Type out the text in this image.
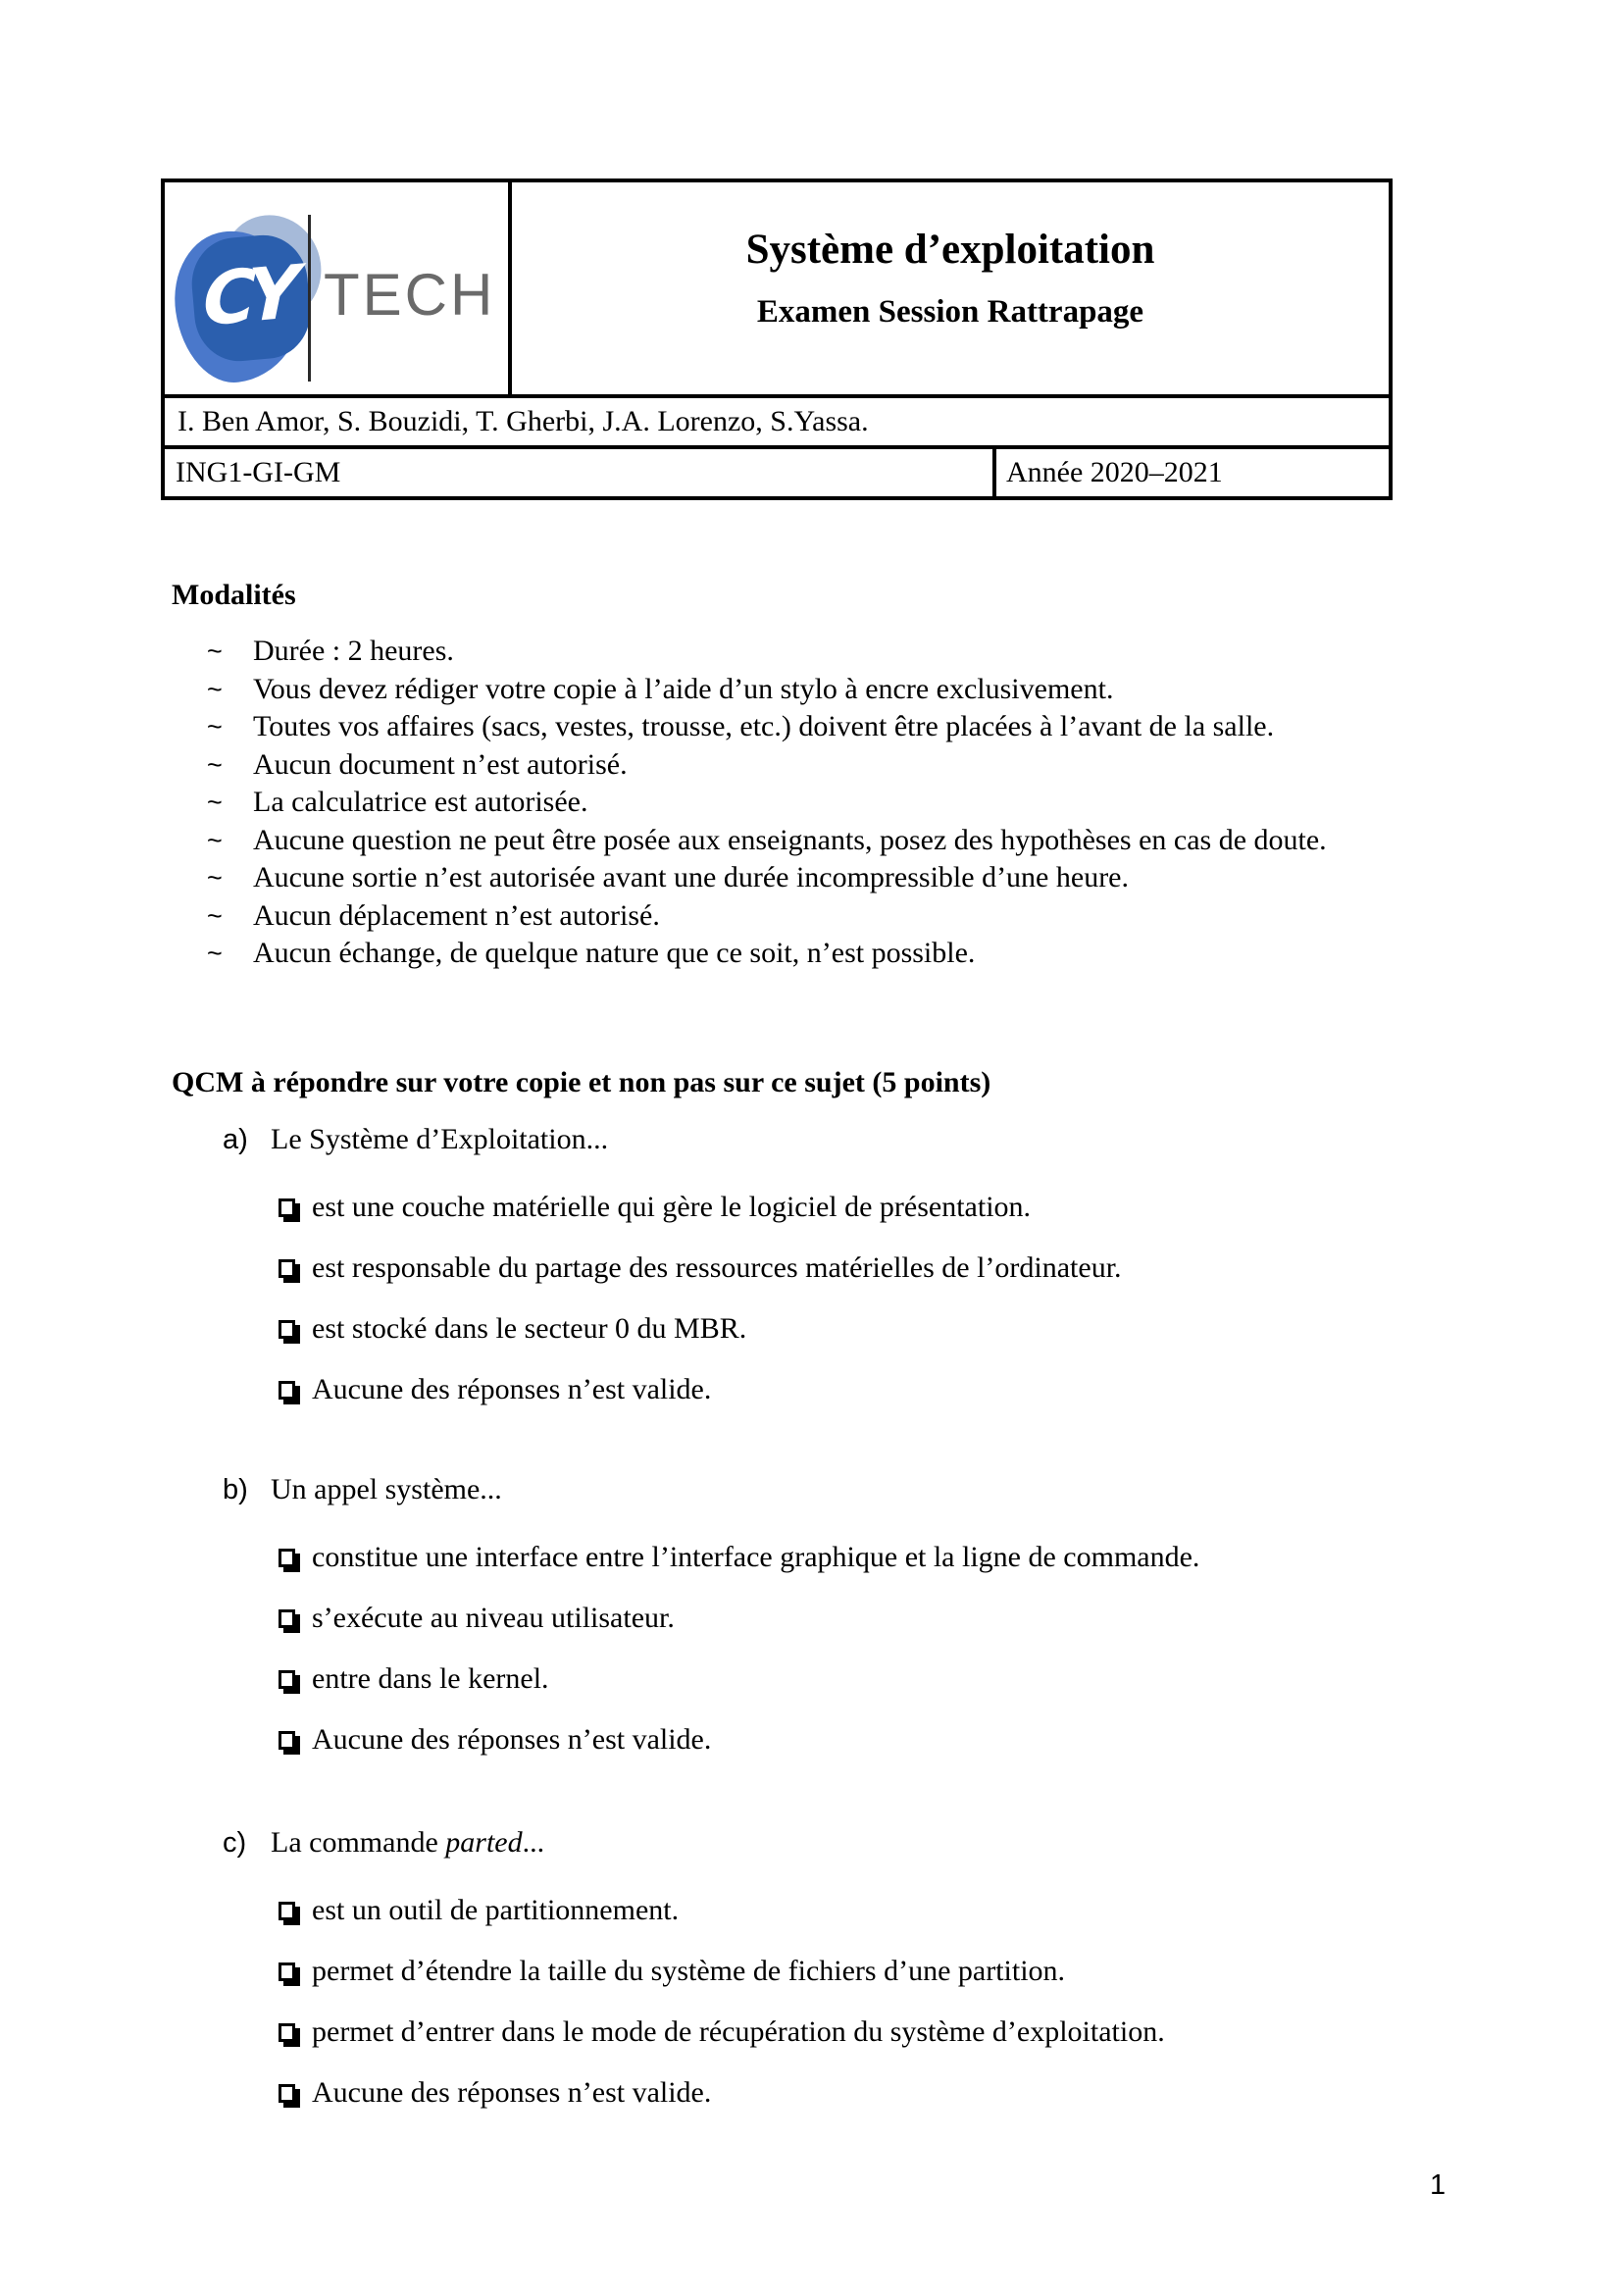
CY TECH
Système d’exploitation
Examen Session Rattrapage
I. Ben Amor, S. Bouzidi, T. Gherbi, J.A. Lorenzo, S.Yassa.
ING1-GI-GM	Année 2020–2021
Modalités
~	Durée : 2 heures.
~	Vous devez rédiger votre copie à l’aide d’un stylo à encre exclusivement.
~	Toutes vos affaires (sacs, vestes, trousse, etc.) doivent être placées à l’avant de la salle.
~	Aucun document n’est autorisé.
~	La calculatrice est autorisée.
~	Aucune question ne peut être posée aux enseignants, posez des hypothèses en cas de doute.
~	Aucune sortie n’est autorisée avant une durée incompressible d’une heure.
~	Aucun déplacement n’est autorisé.
~	Aucun échange, de quelque nature que ce soit, n’est possible.
QCM à répondre sur votre copie et non pas sur ce sujet (5 points)
a) Le Système d’Exploitation...
est une couche matérielle qui gère le logiciel de présentation.
est responsable du partage des ressources matérielles de l’ordinateur.
est stocké dans le secteur 0 du MBR.
Aucune des réponses n’est valide.
b) Un appel système...
constitue une interface entre l’interface graphique et la ligne de commande.
s’exécute au niveau utilisateur.
entre dans le kernel.
Aucune des réponses n’est valide.
c) La commande parted...
est un outil de partitionnement.
permet d’étendre la taille du système de fichiers d’une partition.
permet d’entrer dans le mode de récupération du système d’exploitation.
Aucune des réponses n’est valide.
1
